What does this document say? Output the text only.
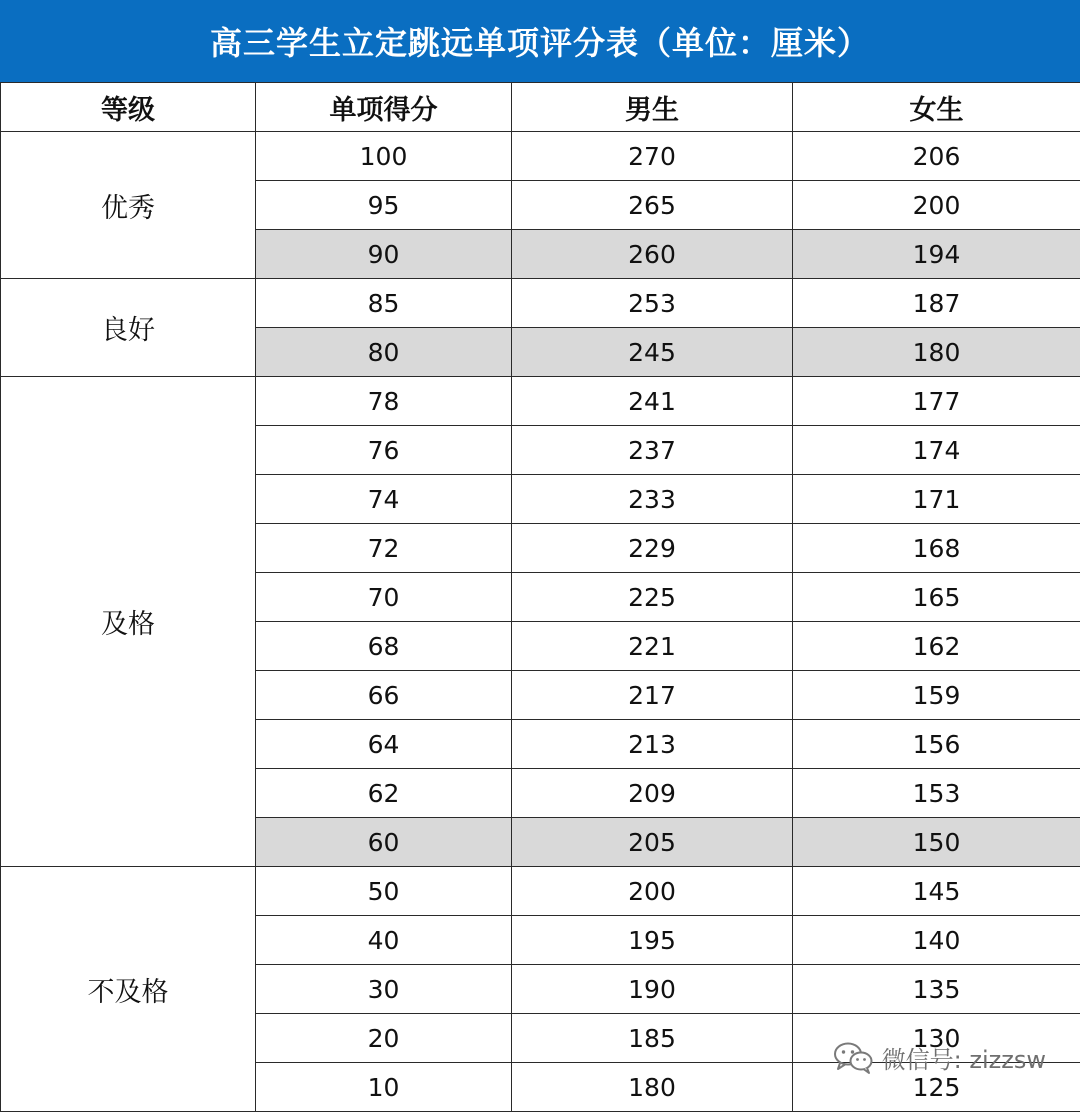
高三学生立定跳远单项评分表（单位：厘米）
等级	单项得分	男生	女生
优秀	100	270	206
	95	265	200
	90	260	194
良好	85	253	187
	80	245	180
及格	78	241	177
	76	237	174
	74	233	171
	72	229	168
	70	225	165
	68	221	162
	66	217	159
	64	213	156
	62	209	153
	60	205	150
不及格	50	200	145
	40	195	140
	30	190	135
	20	185	130
	10	180	125
微信号: zizzsw
